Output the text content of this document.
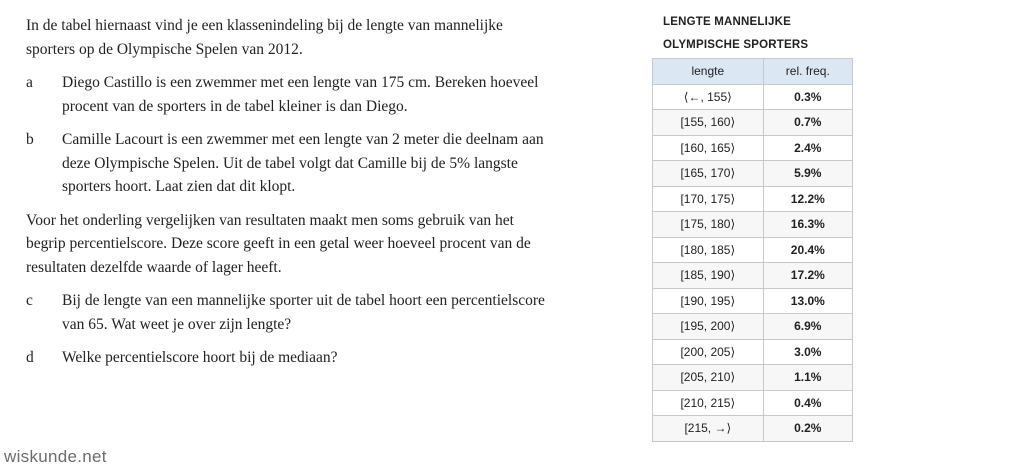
In de tabel hiernaast vind je een klassenindeling bij de lengte van mannelijke sporters op de Olympische Spelen van 2012.

a	Diego Castillo is een zwemmer met een lengte van 175 cm. Bereken hoeveel procent van de sporters in de tabel kleiner is dan Diego.
b	Camille Lacourt is een zwemmer met een lengte van 2 meter die deelnam aan deze Olympische Spelen. Uit de tabel volgt dat Camille bij de 5% langste sporters hoort. Laat zien dat dit klopt.

Voor het onderling vergelijken van resultaten maakt men soms gebruik van het begrip percentielscore. Deze score geeft in een getal weer hoeveel procent van de resultaten dezelfde waarde of lager heeft.

c	Bij de lengte van een mannelijke sporter uit de tabel hoort een percentielscore van 65. Wat weet je over zijn lengte?
d	Welke percentielscore hoort bij de mediaan?
LENGTE MANNELIJKE
OLYMPISCHE SPORTERS
lengte	rel. freq.
⟨←, 155⟩	0.3%
[155, 160⟩	0.7%
[160, 165⟩	2.4%
[165, 170⟩	5.9%
[170, 175⟩	12.2%
[175, 180⟩	16.3%
[180, 185⟩	20.4%
[185, 190⟩	17.2%
[190, 195⟩	13.0%
[195, 200⟩	6.9%
[200, 205⟩	3.0%
[205, 210⟩	1.1%
[210, 215⟩	0.4%
[215, →⟩	0.2%
wiskunde.net
